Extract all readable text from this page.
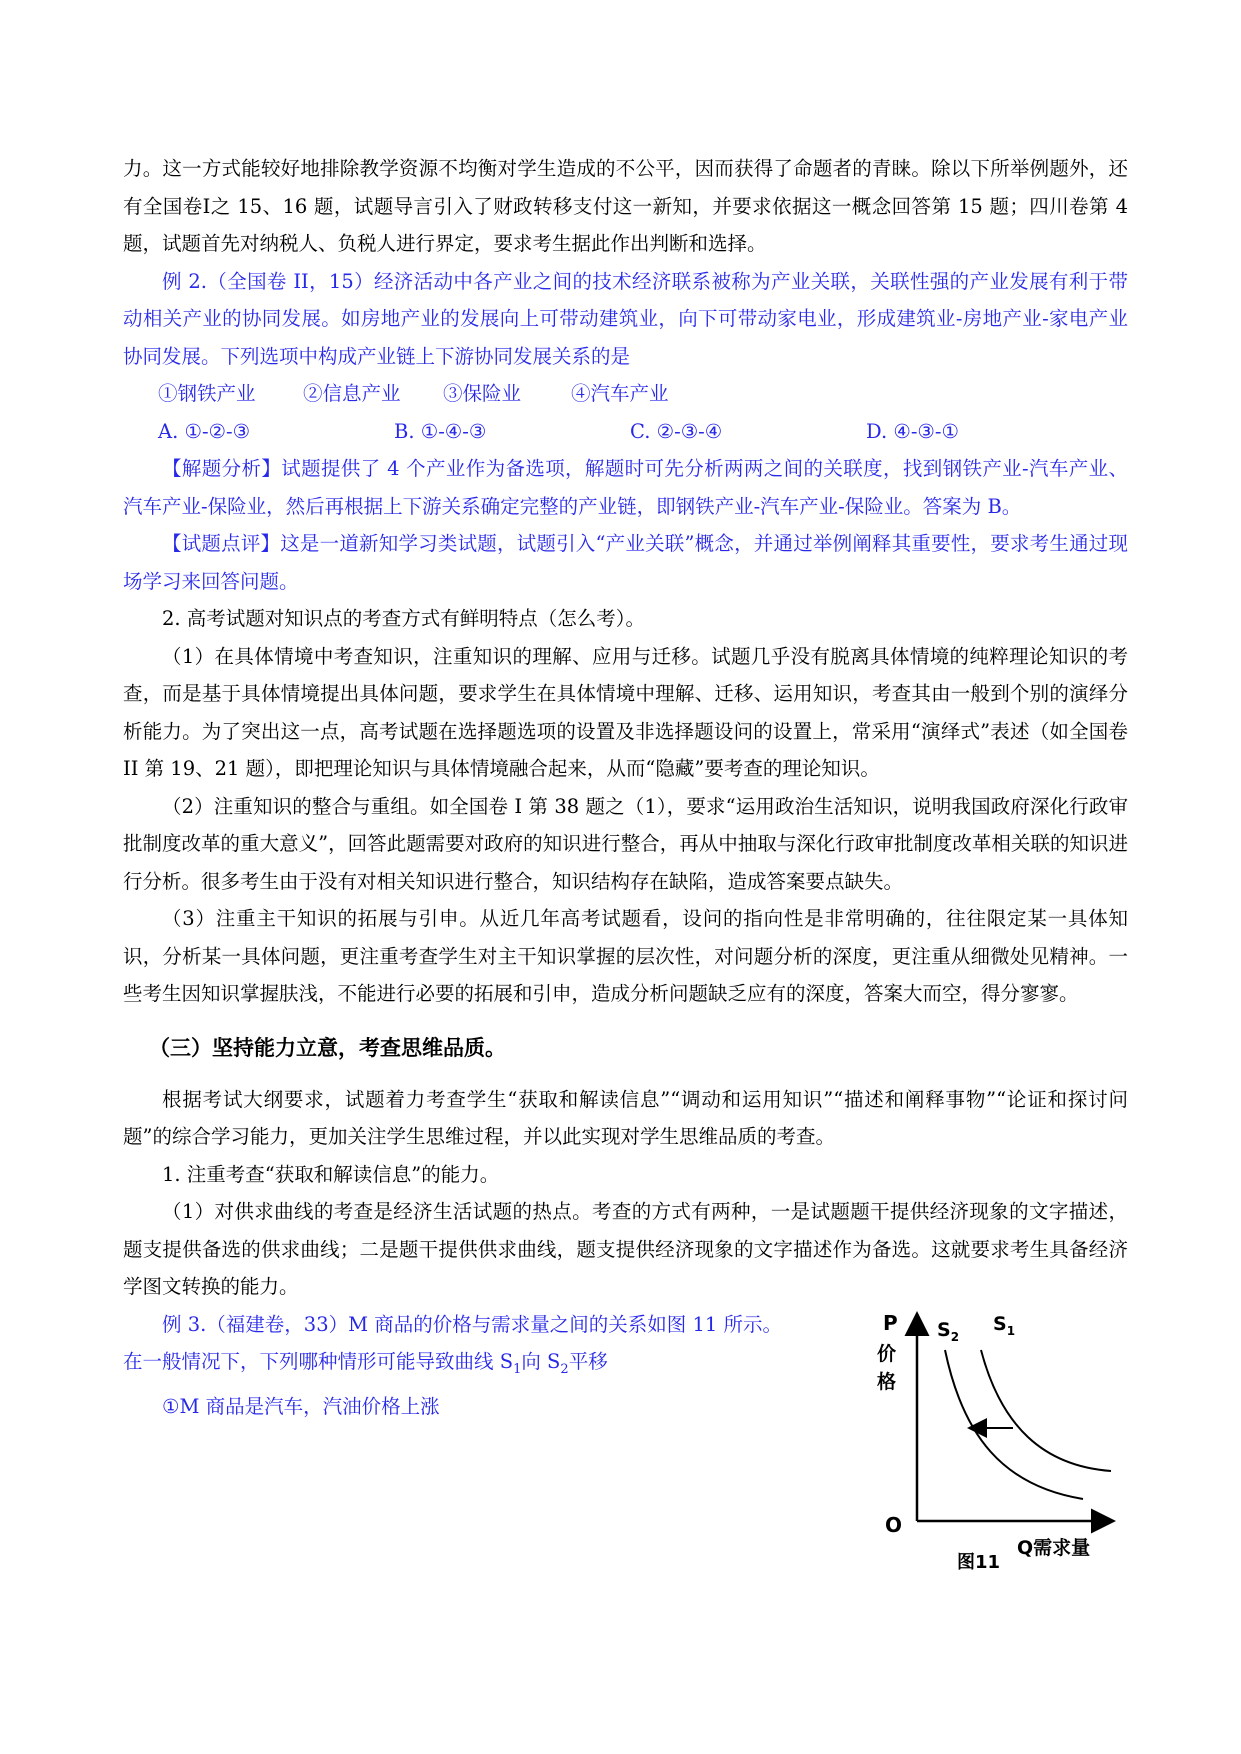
力。这一方式能较好地排除教学资源不均衡对学生造成的不公平，因而获得了命题者的青睐。除以下所举例题外，还有全国卷Ⅰ之 15、16 题，试题导言引入了财政转移支付这一新知，并要求依据这一概念回答第 15 题；四川卷第 4 题，试题首先对纳税人、负税人进行界定，要求考生据此作出判断和选择。

例 2.（全国卷 II，15）经济活动中各产业之间的技术经济联系被称为产业关联，关联性强的产业发展有利于带动相关产业的协同发展。如房地产业的发展向上可带动建筑业，向下可带动家电业，形成建筑业-房地产业-家电产业协同发展。下列选项中构成产业链上下游协同发展关系的是

①钢铁产业	②信息产业	③保险业	④汽车产业
A. ①-②-③	B. ①-④-③	C. ②-③-④	D. ④-③-①

【解题分析】试题提供了 4 个产业作为备选项，解题时可先分析两两之间的关联度，找到钢铁产业-汽车产业、汽车产业-保险业，然后再根据上下游关系确定完整的产业链，即钢铁产业-汽车产业-保险业。答案为 B。

【试题点评】这是一道新知学习类试题，试题引入“产业关联”概念，并通过举例阐释其重要性，要求考生通过现场学习来回答问题。

2. 高考试题对知识点的考查方式有鲜明特点（怎么考）。

（1）在具体情境中考查知识，注重知识的理解、应用与迁移。试题几乎没有脱离具体情境的纯粹理论知识的考查，而是基于具体情境提出具体问题，要求学生在具体情境中理解、迁移、运用知识，考查其由一般到个别的演绎分析能力。为了突出这一点，高考试题在选择题选项的设置及非选择题设问的设置上，常采用“演绎式”表述（如全国卷 II 第 19、21 题），即把理论知识与具体情境融合起来，从而“隐藏”要考查的理论知识。

（2）注重知识的整合与重组。如全国卷 I 第 38 题之（1），要求“运用政治生活知识，说明我国政府深化行政审批制度改革的重大意义”，回答此题需要对政府的知识进行整合，再从中抽取与深化行政审批制度改革相关联的知识进行分析。很多考生由于没有对相关知识进行整合，知识结构存在缺陷，造成答案要点缺失。

（3）注重主干知识的拓展与引申。从近几年高考试题看，设问的指向性是非常明确的，往往限定某一具体知识，分析某一具体问题，更注重考查学生对主干知识掌握的层次性，对问题分析的深度，更注重从细微处见精神。一些考生因知识掌握肤浅，不能进行必要的拓展和引申，造成分析问题缺乏应有的深度，答案大而空，得分寥寥。

（三）坚持能力立意，考查思维品质。

根据考试大纲要求，试题着力考查学生“获取和解读信息”“调动和运用知识”“描述和阐释事物”“论证和探讨问题”的综合学习能力，更加关注学生思维过程，并以此实现对学生思维品质的考查。

1. 注重考查“获取和解读信息”的能力。

（1）对供求曲线的考查是经济生活试题的热点。考查的方式有两种，一是试题题干提供经济现象的文字描述，题支提供备选的供求曲线；二是题干提供供求曲线，题支提供经济现象的文字描述作为备选。这就要求考生具备经济学图文转换的能力。

例 3.（福建卷，33）M 商品的价格与需求量之间的关系如图 11 所示。

在一般情况下，下列哪种情形可能导致曲线 $S_1$向 $S_2$平移

①M 商品是汽车，汽油价格上涨

P
价
格
O
Q需求量
$S_2$
$S_1$
图11
